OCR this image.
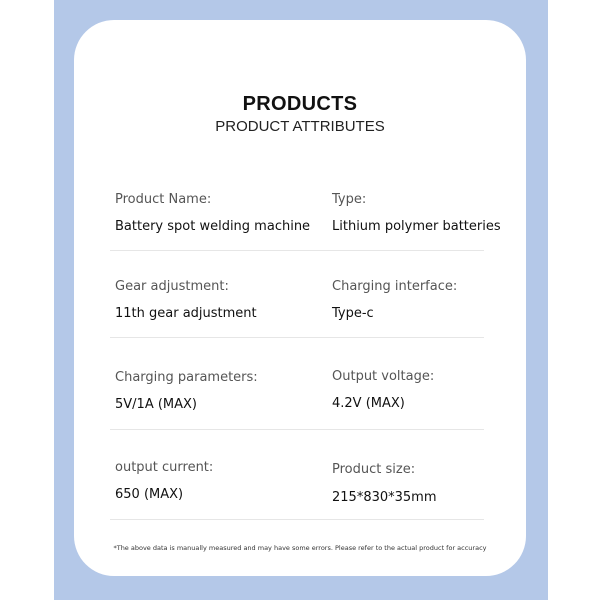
PRODUCTS
PRODUCT ATTRIBUTES
Product Name:
Battery spot welding machine
Type:
Lithium polymer batteries
Gear adjustment:
11th gear adjustment
Charging interface:
Type-c
Charging parameters:
5V/1A (MAX)
Output voltage:
4.2V (MAX)
output current:
650 (MAX)
Product size:
215*830*35mm
*The above data is manually measured and may have some errors. Please refer to the actual product for accuracy
